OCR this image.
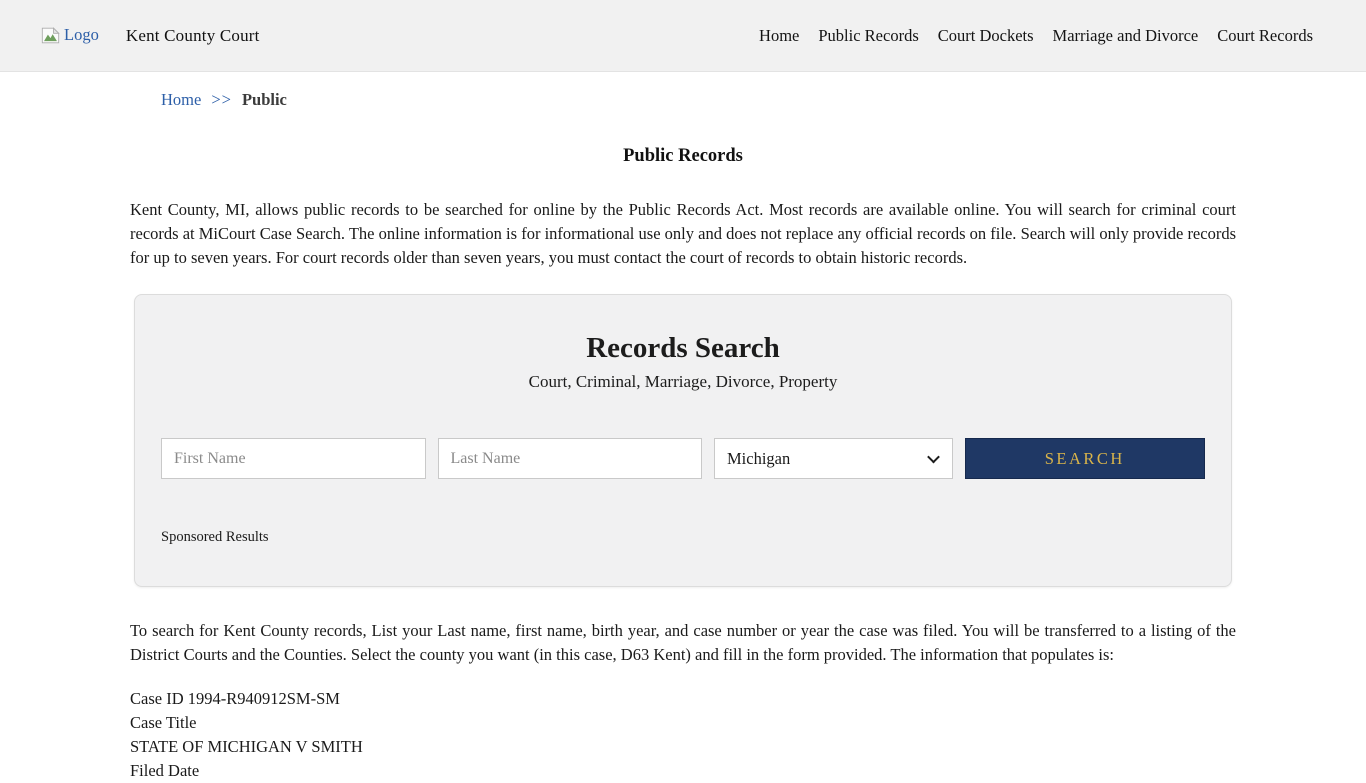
Logo Kent County Court	Home Public Records Court Dockets Marriage and Divorce Court Records
Home >> Public
Public Records

Kent County, MI, allows public records to be searched for online by the Public Records Act. Most records are available online. You will search for criminal court records at MiCourt Case Search. The online information is for informational use only and does not replace any official records on file. Search will only provide records for up to seven years. For court records older than seven years, you must contact the court of records to obtain historic records.

Records Search
Court, Criminal, Marriage, Divorce, Property
First Name
Last Name
Michigan
SEARCH
Sponsored Results

To search for Kent County records, List your Last name, first name, birth year, and case number or year the case was filed. You will be transferred to a listing of the District Courts and the Counties. Select the county you want (in this case, D63 Kent) and fill in the form provided. The information that populates is:

Case ID 1994-R940912SM-SM
Case Title
STATE OF MICHIGAN V SMITH
Filed Date
